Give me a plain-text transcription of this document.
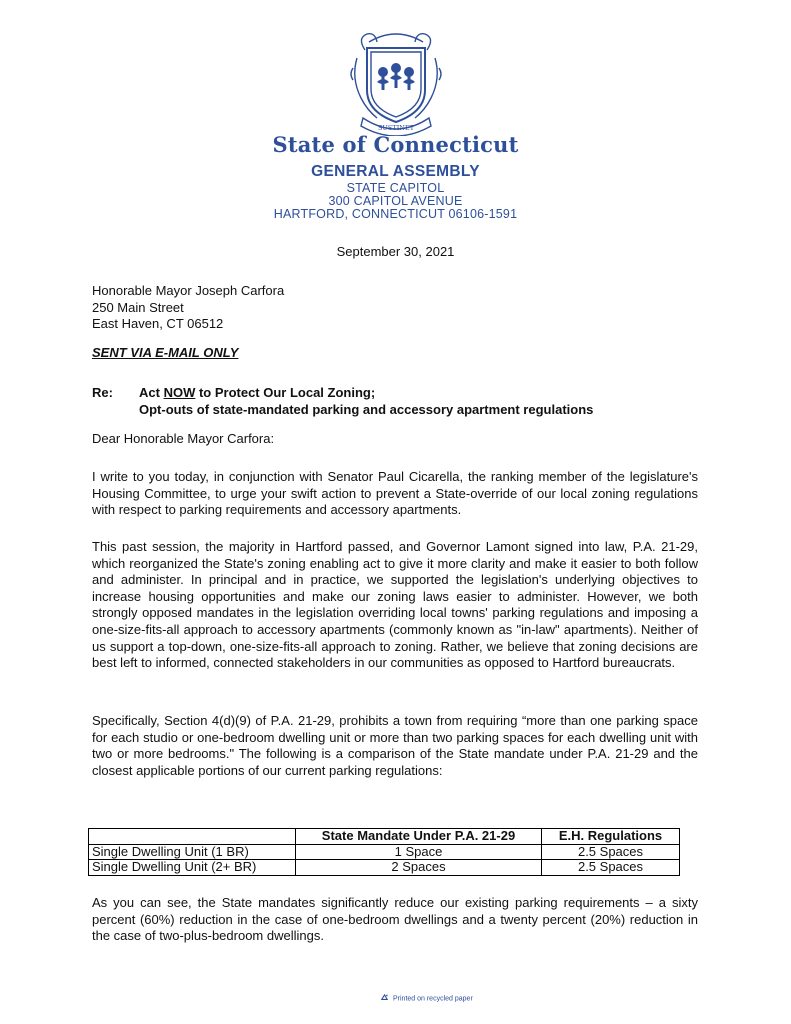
SUSTINET
State of Connecticut
GENERAL ASSEMBLY
STATE CAPITOL
300 CAPITOL AVENUE
HARTFORD, CONNECTICUT 06106-1591
September 30, 2021
Honorable Mayor Joseph Carfora
250 Main Street
East Haven, CT 06512
SENT VIA E-MAIL ONLY
Re: Act NOW to Protect Our Local Zoning;
Opt-outs of state-mandated parking and accessory apartment regulations
Dear Honorable Mayor Carfora:
I write to you today, in conjunction with Senator Paul Cicarella, the ranking member of the legislature's Housing Committee, to urge your swift action to prevent a State-override of our local zoning regulations with respect to parking requirements and accessory apartments.
This past session, the majority in Hartford passed, and Governor Lamont signed into law, P.A. 21-29, which reorganized the State's zoning enabling act to give it more clarity and make it easier to both follow and administer. In principal and in practice, we supported the legislation's underlying objectives to increase housing opportunities and make our zoning laws easier to administer. However, we both strongly opposed mandates in the legislation overriding local towns' parking regulations and imposing a one-size-fits-all approach to accessory apartments (commonly known as "in-law" apartments). Neither of us support a top-down, one-size-fits-all approach to zoning. Rather, we believe that zoning decisions are best left to informed, connected stakeholders in our communities as opposed to Hartford bureaucrats.
Specifically, Section 4(d)(9) of P.A. 21-29, prohibits a town from requiring “more than one parking space for each studio or one-bedroom dwelling unit or more than two parking spaces for each dwelling unit with two or more bedrooms." The following is a comparison of the State mandate under P.A. 21-29 and the closest applicable portions of our current parking regulations:
	State Mandate Under P.A. 21-29	E.H. Regulations
Single Dwelling Unit (1 BR)	1 Space	2.5 Spaces
Single Dwelling Unit (2+ BR)	2 Spaces	2.5 Spaces
As you can see, the State mandates significantly reduce our existing parking requirements – a sixty percent (60%) reduction in the case of one-bedroom dwellings and a twenty percent (20%) reduction in the case of two-plus-bedroom dwellings.
Printed on recycled paper
